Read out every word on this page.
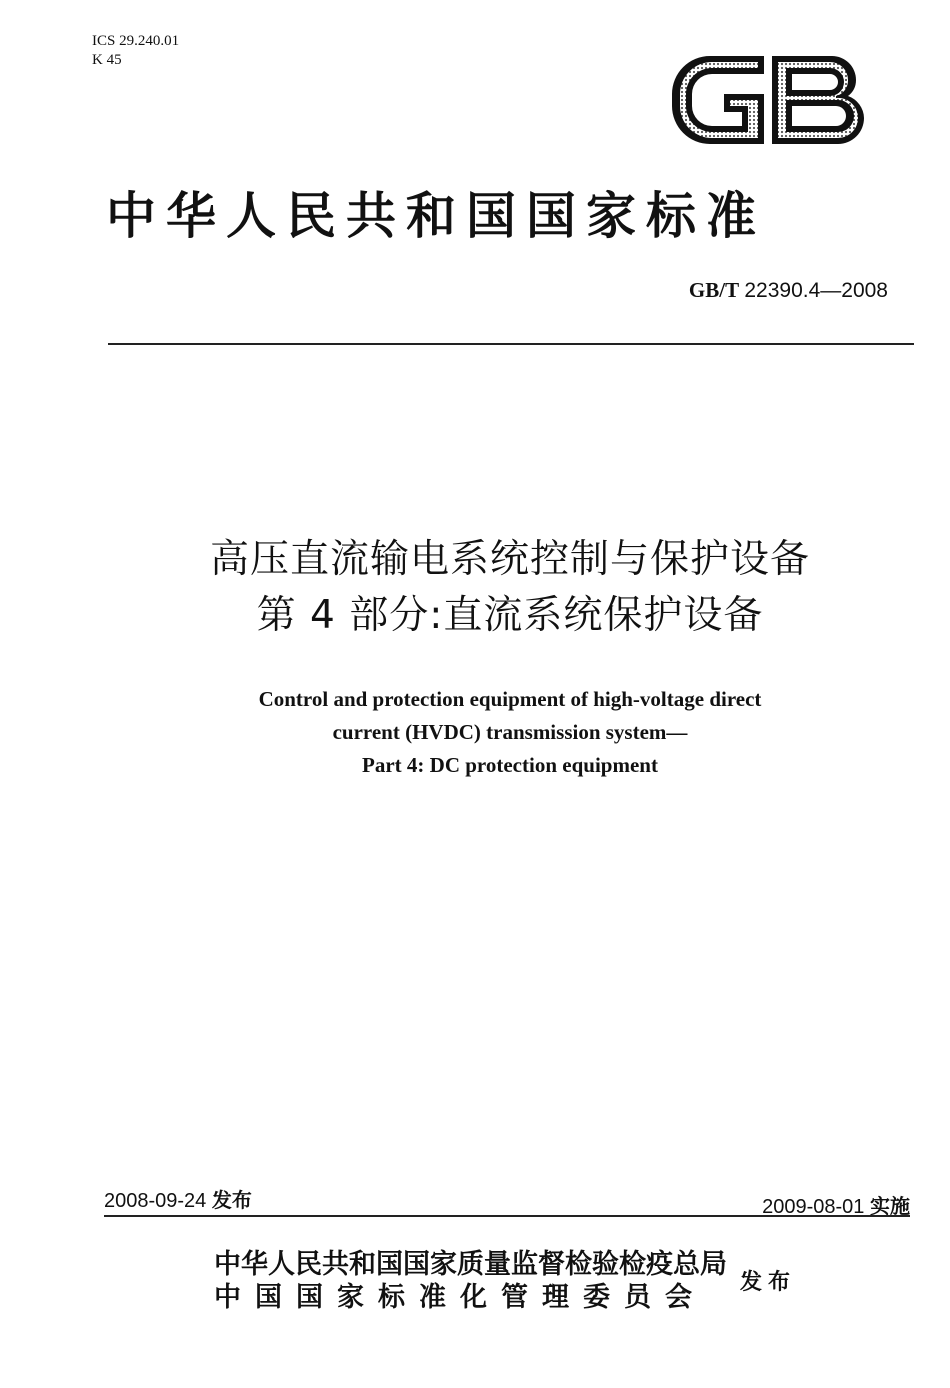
ICS 29.240.01
K 45
中华人民共和国国家标准
GB/T 22390.4—2008
高压直流输电系统控制与保护设备
第 4 部分:直流系统保护设备
Control and protection equipment of high-voltage direct
current (HVDC) transmission system—
Part 4: DC protection equipment
2008-09-24 发布	2009-08-01 实施
中华人民共和国国家质量监督检验检疫总局
中国国家标准化管理委员会	发布
